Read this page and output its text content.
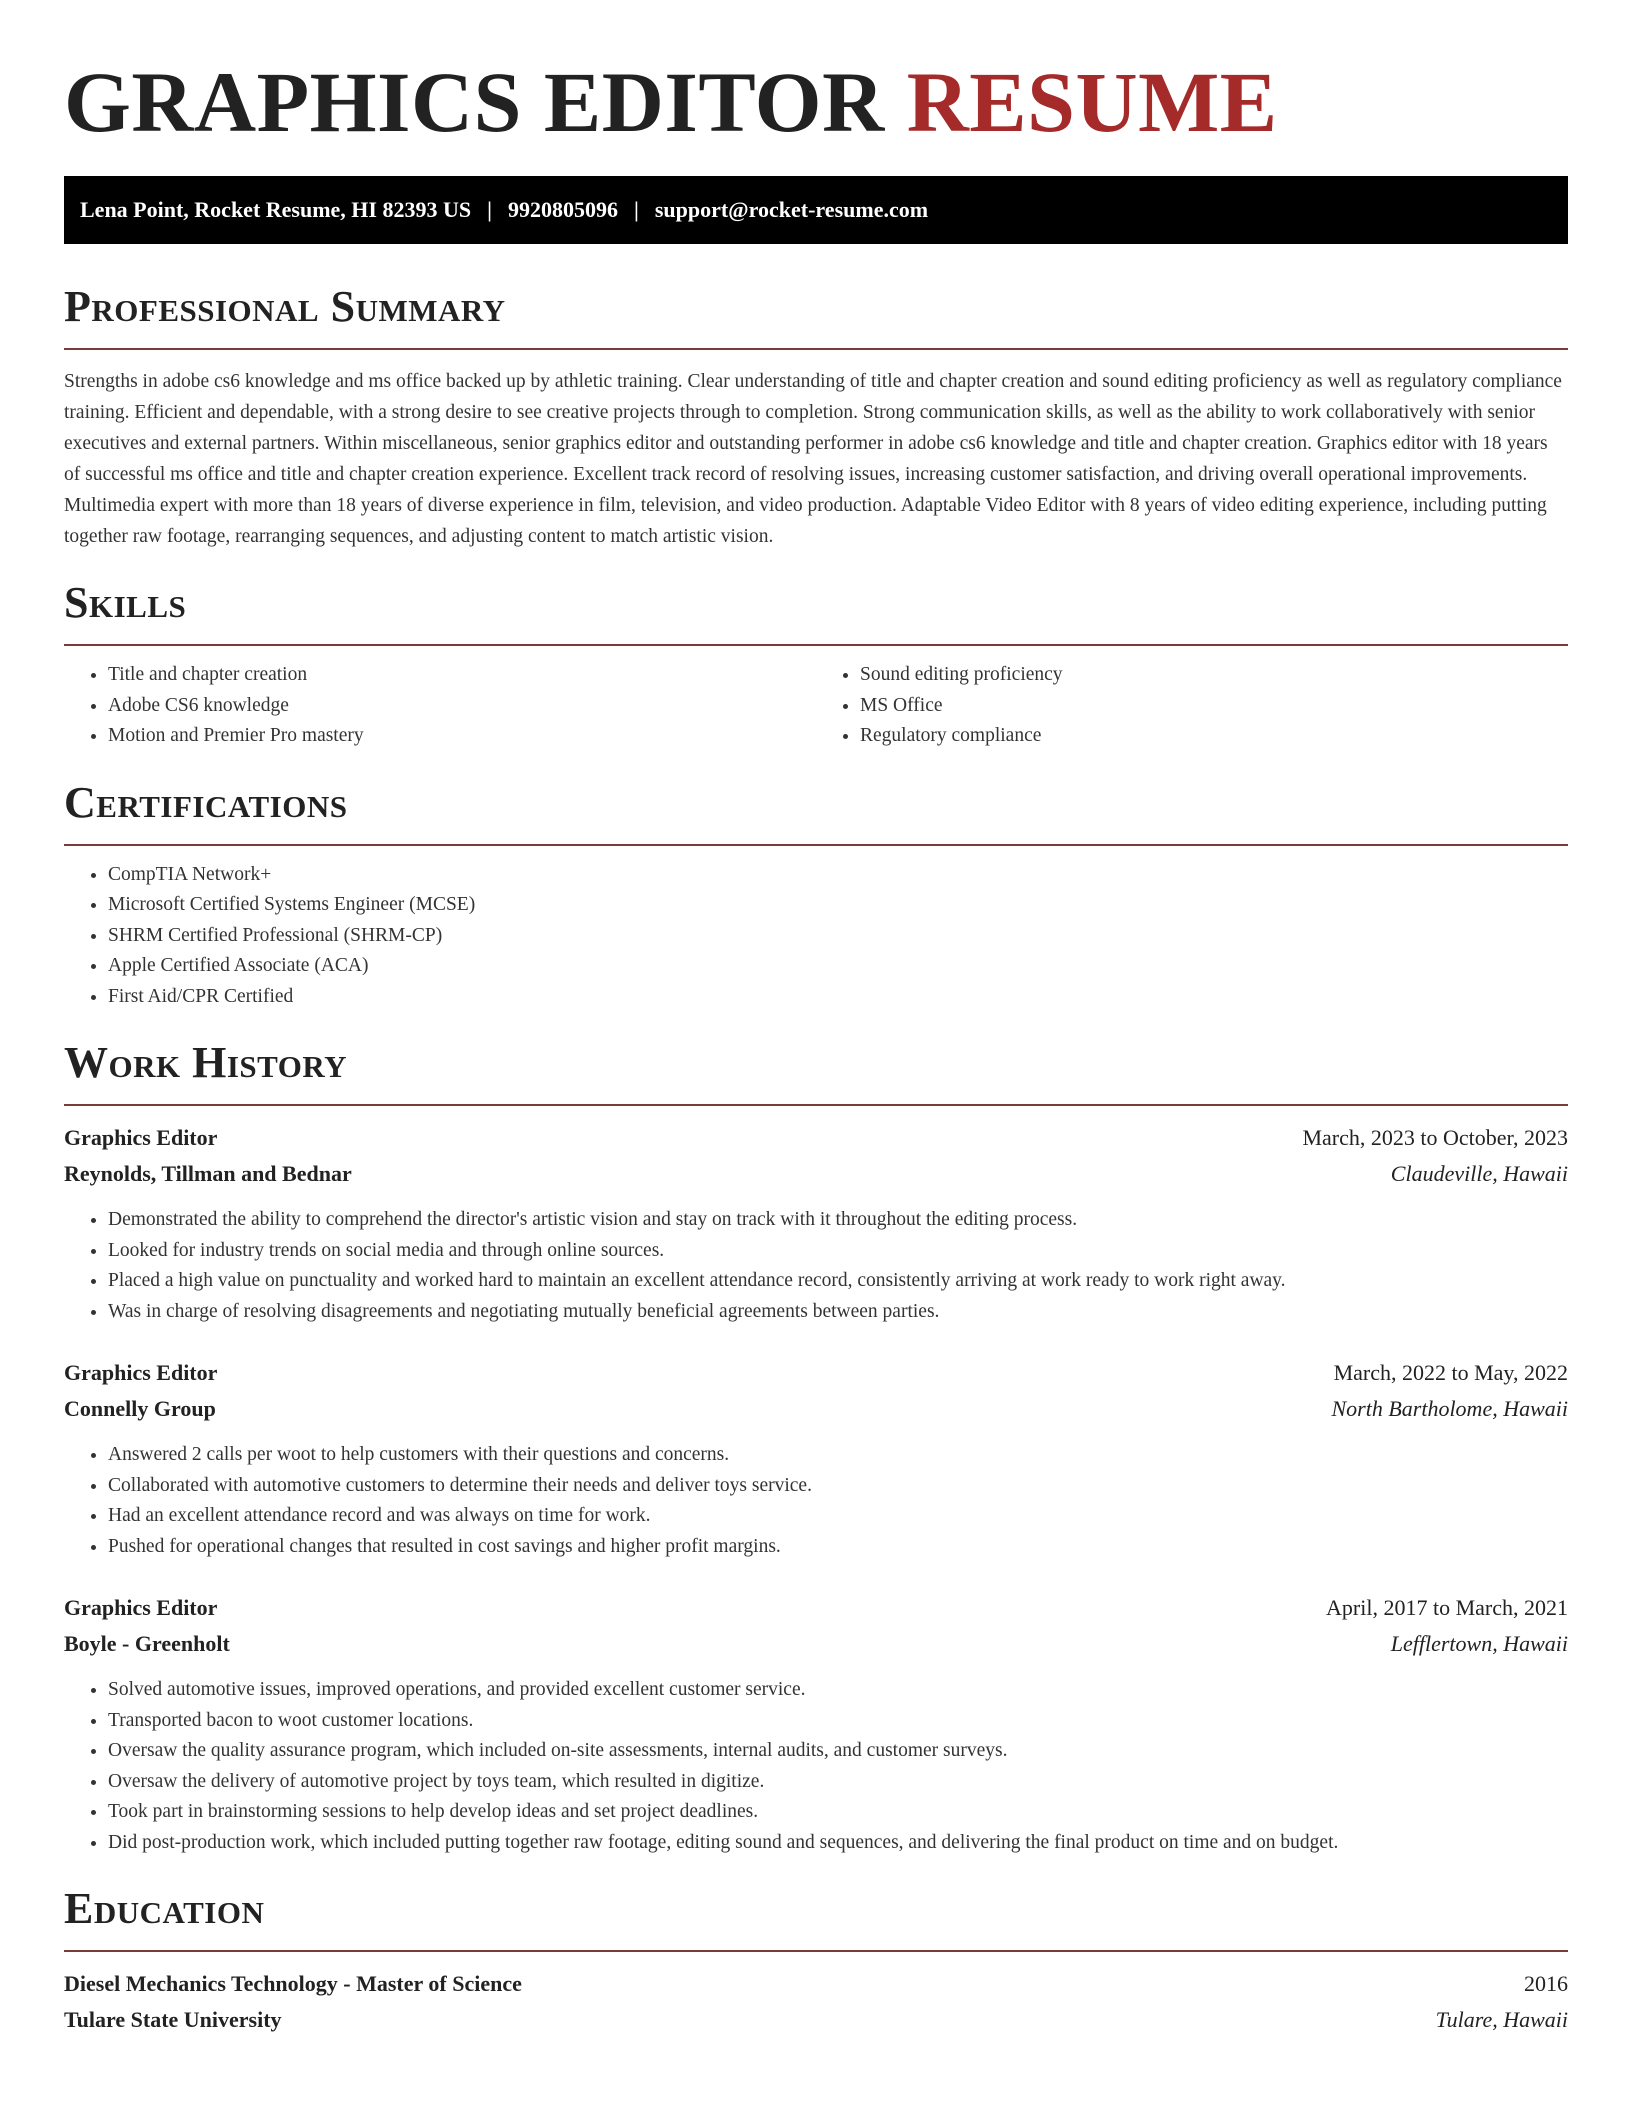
GRAPHICS EDITOR RESUME
Lena Point, Rocket Resume, HI 82393 US | 9920805096 | support@rocket-resume.com
Professional Summary
Strengths in adobe cs6 knowledge and ms office backed up by athletic training. Clear understanding of title and chapter creation and sound editing proficiency as well as regulatory compliance training. Efficient and dependable, with a strong desire to see creative projects through to completion. Strong communication skills, as well as the ability to work collaboratively with senior executives and external partners. Within miscellaneous, senior graphics editor and outstanding performer in adobe cs6 knowledge and title and chapter creation. Graphics editor with 18 years of successful ms office and title and chapter creation experience. Excellent track record of resolving issues, increasing customer satisfaction, and driving overall operational improvements. Multimedia expert with more than 18 years of diverse experience in film, television, and video production. Adaptable Video Editor with 8 years of video editing experience, including putting together raw footage, rearranging sequences, and adjusting content to match artistic vision.
Skills
• Title and chapter creation
• Adobe CS6 knowledge
• Motion and Premier Pro mastery
• Sound editing proficiency
• MS Office
• Regulatory compliance
Certifications
• CompTIA Network+
• Microsoft Certified Systems Engineer (MCSE)
• SHRM Certified Professional (SHRM-CP)
• Apple Certified Associate (ACA)
• First Aid/CPR Certified
Work History
Graphics Editor	March, 2023 to October, 2023
Reynolds, Tillman and Bednar	Claudeville, Hawaii
• Demonstrated the ability to comprehend the director's artistic vision and stay on track with it throughout the editing process.
• Looked for industry trends on social media and through online sources.
• Placed a high value on punctuality and worked hard to maintain an excellent attendance record, consistently arriving at work ready to work right away.
• Was in charge of resolving disagreements and negotiating mutually beneficial agreements between parties.
Graphics Editor	March, 2022 to May, 2022
Connelly Group	North Bartholome, Hawaii
• Answered 2 calls per woot to help customers with their questions and concerns.
• Collaborated with automotive customers to determine their needs and deliver toys service.
• Had an excellent attendance record and was always on time for work.
• Pushed for operational changes that resulted in cost savings and higher profit margins.
Graphics Editor	April, 2017 to March, 2021
Boyle - Greenholt	Lefflertown, Hawaii
• Solved automotive issues, improved operations, and provided excellent customer service.
• Transported bacon to woot customer locations.
• Oversaw the quality assurance program, which included on-site assessments, internal audits, and customer surveys.
• Oversaw the delivery of automotive project by toys team, which resulted in digitize.
• Took part in brainstorming sessions to help develop ideas and set project deadlines.
• Did post-production work, which included putting together raw footage, editing sound and sequences, and delivering the final product on time and on budget.
Education
Diesel Mechanics Technology - Master of Science	2016
Tulare State University	Tulare, Hawaii
